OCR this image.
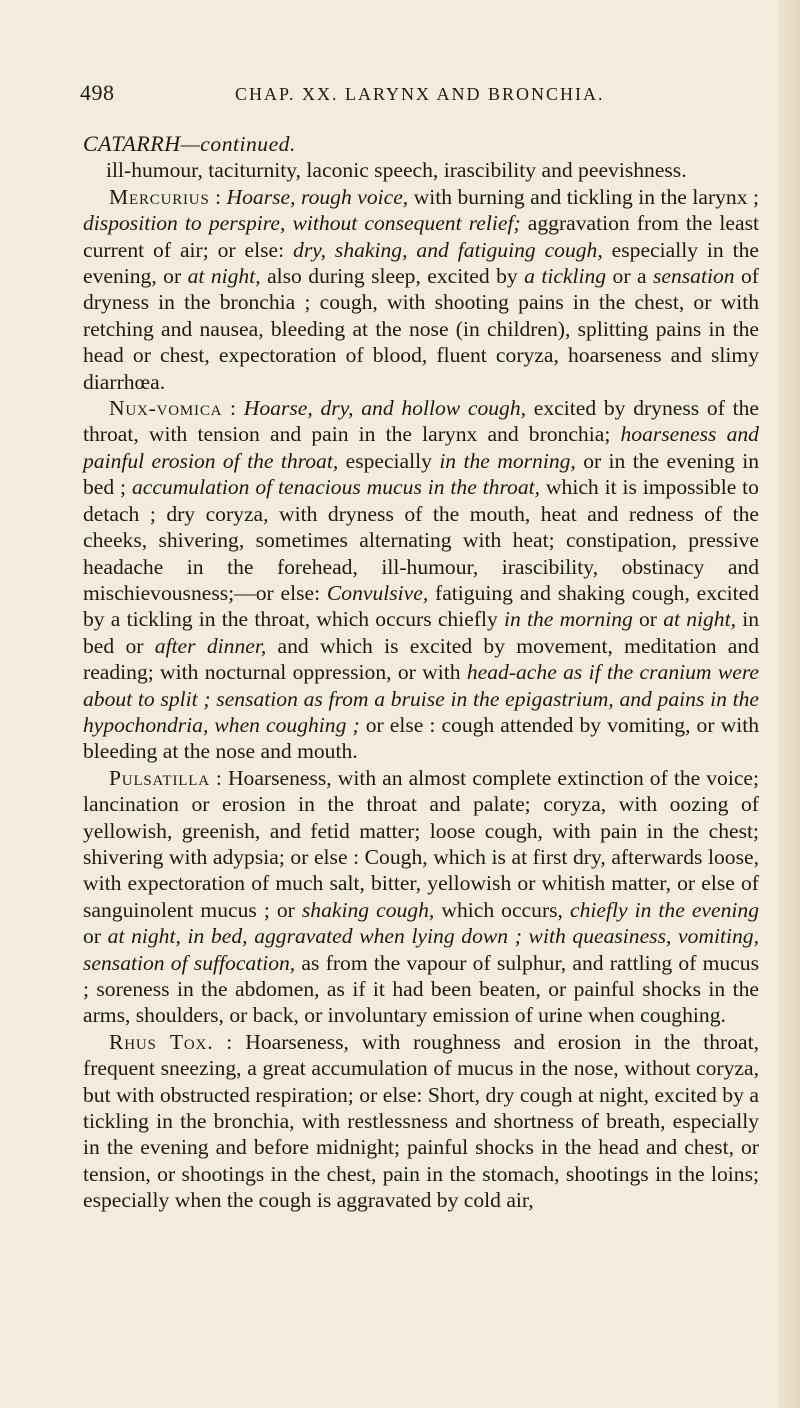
498	CHAP. XX. LARYNX AND BRONCHIA.
CATARRH—continued.

ill-humour, taciturnity, laconic speech, irascibility and peevishness.

Mercurius : Hoarse, rough voice, with burning and tickling in the larynx ; disposition to perspire, without consequent relief; aggravation from the least current of air; or else: dry, shaking, and fatiguing cough, especially in the evening, or at night, also during sleep, excited by a tickling or a sensation of dryness in the bronchia ; cough, with shooting pains in the chest, or with retching and nausea, bleeding at the nose (in children), splitting pains in the head or chest, expectoration of blood, fluent coryza, hoarseness and slimy diarrhœa.

Nux-vomica : Hoarse, dry, and hollow cough, excited by dryness of the throat, with tension and pain in the larynx and bronchia; hoarseness and painful erosion of the throat, especially in the morning, or in the evening in bed ; accumulation of tenacious mucus in the throat, which it is impossible to detach ; dry coryza, with dryness of the mouth, heat and redness of the cheeks, shivering, sometimes alternating with heat; constipation, pressive headache in the forehead, ill-humour, irascibility, obstinacy and mischievousness;—or else: Convulsive, fatiguing and shaking cough, excited by a tickling in the throat, which occurs chiefly in the morning or at night, in bed or after dinner, and which is excited by movement, meditation and reading; with nocturnal oppression, or with head-ache as if the cranium were about to split ; sensation as from a bruise in the epigastrium, and pains in the hypochondria, when coughing ; or else : cough attended by vomiting, or with bleeding at the nose and mouth.

Pulsatilla : Hoarseness, with an almost complete extinction of the voice; lancination or erosion in the throat and palate; coryza, with oozing of yellowish, greenish, and fetid matter; loose cough, with pain in the chest; shivering with adypsia; or else : Cough, which is at first dry, afterwards loose, with expectoration of much salt, bitter, yellowish or whitish matter, or else of sanguinolent mucus ; or shaking cough, which occurs, chiefly in the evening or at night, in bed, aggravated when lying down ; with queasiness, vomiting, sensation of suffocation, as from the vapour of sulphur, and rattling of mucus ; soreness in the abdomen, as if it had been beaten, or painful shocks in the arms, shoulders, or back, or involuntary emission of urine when coughing.

Rhus Tox. : Hoarseness, with roughness and erosion in the throat, frequent sneezing, a great accumulation of mucus in the nose, without coryza, but with obstructed respiration; or else: Short, dry cough at night, excited by a tickling in the bronchia, with restlessness and shortness of breath, especially in the evening and before midnight; painful shocks in the head and chest, or tension, or shootings in the chest, pain in the stomach, shootings in the loins; especially when the cough is aggravated by cold air,
